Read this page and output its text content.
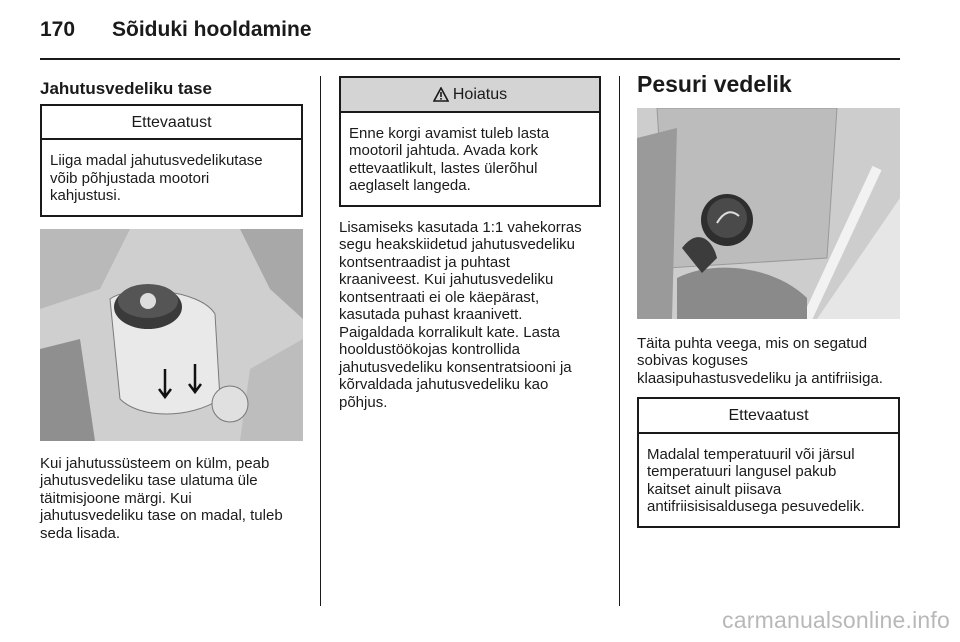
170 Sõiduki hooldamine
Jahutusvedeliku tase
Ettevaatust
Liiga madal jahutusvedelikutase
võib põhjustada mootori
kahjustusi.
Kui jahutussüsteem on külm, peab
jahutusvedeliku tase ulatuma üle
täitmisjoone märgi. Kui
jahutusvedeliku tase on madal, tuleb
seda lisada.
Hoiatus
Enne korgi avamist tuleb lasta
mootoril jahtuda. Avada kork
ettevaatlikult, lastes ülerõhul
aeglaselt langeda.
Lisamiseks kasutada 1:1 vahekorras
segu heakskiidetud jahutusvedeliku
kontsentraadist ja puhtast
kraaniveest. Kui jahutusvedeliku
kontsentraati ei ole käepärast,
kasutada puhast kraanivett.
Paigaldada korralikult kate. Lasta
hooldustöökojas kontrollida
jahutusvedeliku konsentratsiooni ja
kõrvaldada jahutusvedeliku kao
põhjus.
Pesuri vedelik
Täita puhta veega, mis on segatud
sobivas koguses
klaasipuhastusvedeliku ja antifriisiga.
Ettevaatust
Madalal temperatuuril või järsul
temperatuuri langusel pakub
kaitset ainult piisava
antifriisisisaldusega pesuvedelik.
carmanualsonline.info
